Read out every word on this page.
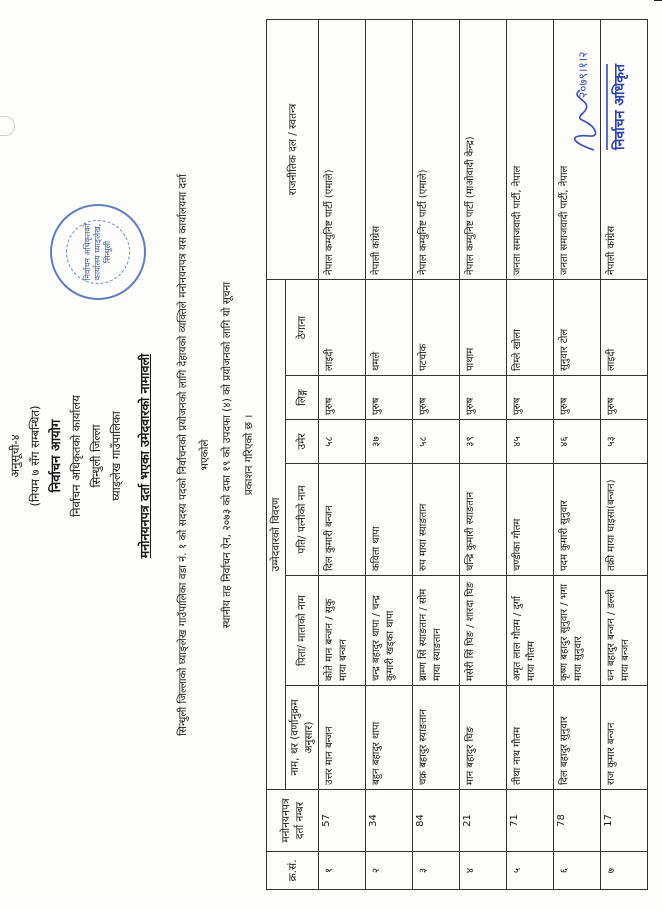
अनुसूची-४ (नियम ७ सँग सम्बन्धित) निर्वाचन आयोग निर्वाचन अधिकृतको कार्यालय सिन्धुली जिल्ला घ्याङ्लेख गाउँपालिका मनोनयनपत्र दर्ता भएका उमेदवारको नामावली
निर्वाचन अधिकृतको कार्यालय घ्याङ्लेख, सिन्धुली	सिन्धुली जिल्लाको घ्याङ्लेख गाउँपालिका वडा नं. १ को सदस्य पदको निर्वाचनको प्रयोजनको लागि देहायको व्यक्तिले मनोनयनपत्र यस कार्यालयमा दर्ता भएकोले स्थानीय तह निर्वाचन ऐन, २०७३ को दफा १९ को उपदफा (४) को प्रयोजनको लागि यो सूचना प्रकाशन गरिएको छ ।
क्र.सं.	मनोनयनपत्र दर्ता नम्बर	उम्मेदवारको विवरण						राजनीतिक दल / स्वतन्त्र
		नाम, थर (वर्णानुक्रम अनुसार)	पिता/ माताको नाम	पति/ पत्नीको नाम	उमेर	लिङ्ग	ठेगाना	
१	57	उत्तर मान बन्जन	कोते मान बन्जन / सुकु माया बन्जन	दिल कुमारी बन्जन	५८	पुरुष	लाइदी	नेपाल कम्युनिष्ट पार्टी (एमाले)
२	34	बहुन बहादुर थापा	चन्द्र बहादुर थापा / चन्द्र कुमारी खड्का थापा	कविता थापा	३७	पुरुष	थमले	नेपाली कांग्रेस
३	84	चक्र बहादुर स्याङतान	ब्राम्ण सिं स्याङतान / सोम माया स्याङतान	रुप माया स्याङतान	५८	पुरुष	पटचोक	नेपाल कम्युनिष्ट पार्टी (एमाले)
४	21	मान बहादुर घिङ	मसेरी सिं घिङ / शारदा घिङ	चन्द्रि कुमारी स्याङतान	३९	पुरुष	पाथाम	नेपाल कम्युनिष्ट पार्टी (माओवादी केन्द्र)
५	71	तीथा नाथ गौतम	अमृत लाल गौतम / दुर्गा माया गौतम	चण्डीका गौतम	४५	पुरुष	तिम्ले खोला	जनता समाजवादी पार्टी, नेपाल
६	78	दिल बहादुर सुनुवार	कृष्ण बहादुर सुनुवार / भगा माया सुनुवार	पदम कुमारी सुनुवार	४६	पुरुष	सुनुवार टोल	जनता समाजवादी पार्टी, नेपाल
७	17	राज कुमार बन्जन	धन बहादुर बन्जन / डल्ली माया बन्जन	तक्री माया घाइसा(बन्जन)	५३	पुरुष	लाइदी	नेपाली कांग्रेस
२०७९।१।२	निर्वाचन अधिकृत
